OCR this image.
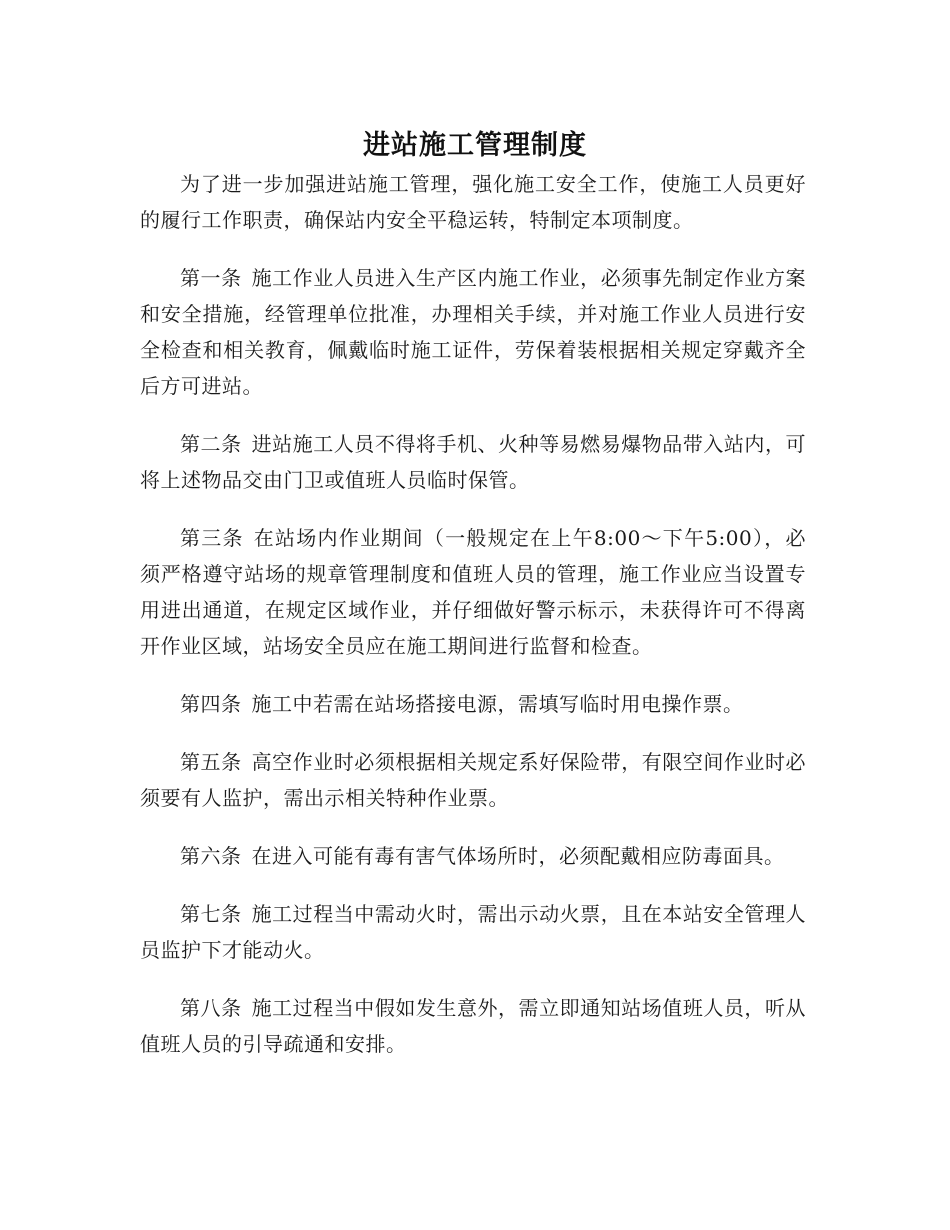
进站施工管理制度

为了进一步加强进站施工管理，强化施工安全工作，使施工人员更好的履行工作职责，确保站内安全平稳运转，特制定本项制度。

第一条 施工作业人员进入生产区内施工作业，必须事先制定作业方案和安全措施，经管理单位批准，办理相关手续，并对施工作业人员进行安全检查和相关教育，佩戴临时施工证件，劳保着装根据相关规定穿戴齐全后方可进站。

第二条 进站施工人员不得将手机、火种等易燃易爆物品带入站内，可将上述物品交由门卫或值班人员临时保管。

第三条 在站场内作业期间（一般规定在上午8:00～下午5:00），必须严格遵守站场的规章管理制度和值班人员的管理，施工作业应当设置专用进出通道，在规定区域作业，并仔细做好警示标示，未获得许可不得离开作业区域，站场安全员应在施工期间进行监督和检查。

第四条 施工中若需在站场搭接电源，需填写临时用电操作票。

第五条 高空作业时必须根据相关规定系好保险带，有限空间作业时必须要有人监护，需出示相关特种作业票。

第六条 在进入可能有毒有害气体场所时，必须配戴相应防毒面具。

第七条 施工过程当中需动火时，需出示动火票，且在本站安全管理人员监护下才能动火。

第八条 施工过程当中假如发生意外，需立即通知站场值班人员，听从值班人员的引导疏通和安排。
